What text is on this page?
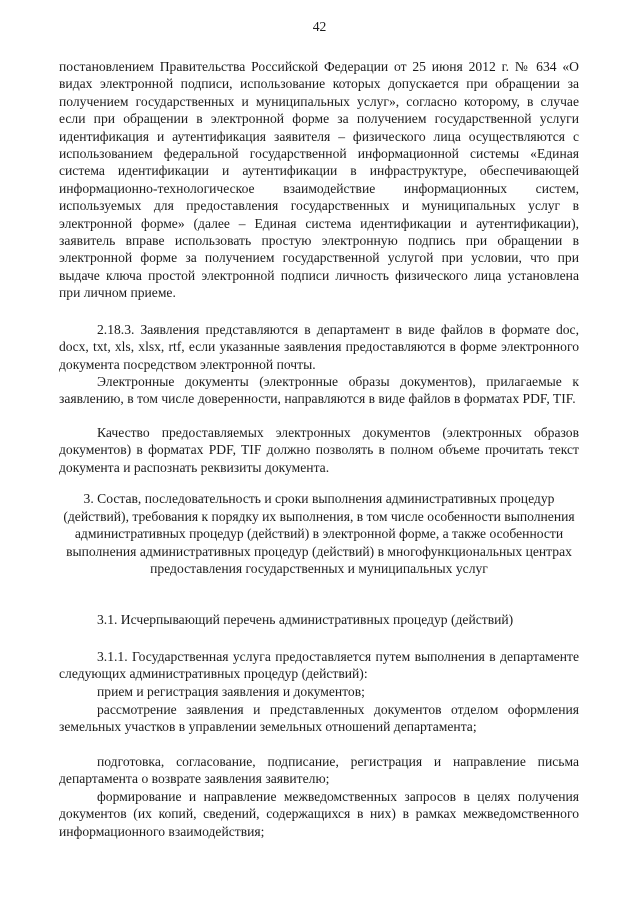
42

постановлением Правительства Российской Федерации от 25 июня 2012 г. № 634 «О видах электронной подписи, использование которых допускается при обращении за получением государственных и муниципальных услуг», согласно которому, в случае если при обращении в электронной форме за получением государственной услуги идентификация и аутентификация заявителя – физического лица осуществляются с использованием федеральной государственной информационной системы «Единая система идентификации и аутентификации в инфраструктуре, обеспечивающей информационно-технологическое взаимодействие информационных систем, используемых для предоставления государственных и муниципальных услуг в электронной форме» (далее – Единая система идентификации и аутентификации), заявитель вправе использовать простую электронную подпись при обращении в электронной форме за получением государственной услугой при условии, что при выдаче ключа простой электронной подписи личность физического лица установлена при личном приеме.

2.18.3. Заявления представляются в департамент в виде файлов в формате doc, docx, txt, xls, xlsx, rtf, если указанные заявления предоставляются в форме электронного документа посредством электронной почты.

Электронные документы (электронные образы документов), прилагаемые к заявлению, в том числе доверенности, направляются в виде файлов в форматах PDF, TIF.

Качество предоставляемых электронных документов (электронных образов документов) в форматах PDF, TIF должно позволять в полном объеме прочитать текст документа и распознать реквизиты документа.

3. Состав, последовательность и сроки выполнения административных процедур (действий), требования к порядку их выполнения, в том числе особенности выполнения административных процедур (действий) в электронной форме, а также особенности выполнения административных процедур (действий) в многофункциональных центрах предоставления государственных и муниципальных услуг

3.1. Исчерпывающий перечень административных процедур (действий)

3.1.1. Государственная услуга предоставляется путем выполнения в департаменте следующих административных процедур (действий):

прием и регистрация заявления и документов;

рассмотрение заявления и представленных документов отделом оформления земельных участков в управлении земельных отношений департамента;

подготовка, согласование, подписание, регистрация и направление письма департамента о возврате заявления заявителю;

формирование и направление межведомственных запросов в целях получения документов (их копий, сведений, содержащихся в них) в рамках межведомственного информационного взаимодействия;
